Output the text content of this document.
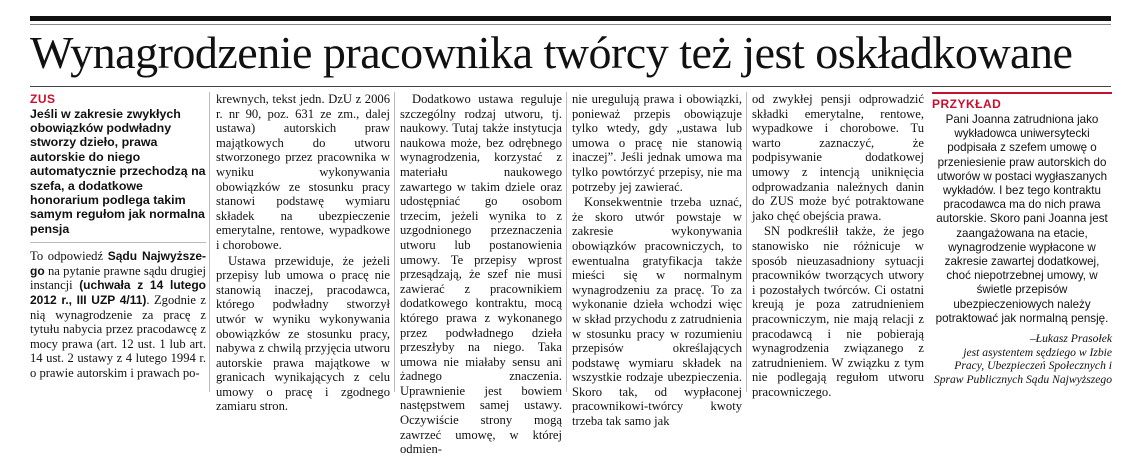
Wynagrodzenie pracownika twórcy też jest oskładkowane
ZUS
Jeśli w zakresie zwykłych obowiązków podwładny stworzy dzieło, prawa autorskie do niego automatycznie przechodzą na szefa, a dodatkowe honorarium podlega takim samym regułom jak normalna pensja

To odpowiedź Sądu Najwyższe-go na pytanie prawne sądu drugiej instancji (uchwała z 14 lutego 2012 r., III UZP 4/11). Zgodnie z nią wynagrodzenie za pracę z tytułu nabycia przez pracodawcę z mocy prawa (art. 12 ust. 1 lub art. 14 ust. 2 ustawy z 4 lutego 1994 r. o prawie autorskim i prawach po-

krewnych, tekst jedn. DzU z 2006 r. nr 90, poz. 631 ze zm., dalej ustawa) autorskich praw majątkowych do utworu stworzonego przez pracownika w wyniku wykonywania obowiązków ze stosunku pracy stanowi podstawę wymiaru składek na ubezpieczenie emerytalne, rentowe, wypadkowe i chorobowe.

Ustawa przewiduje, że jeżeli przepisy lub umowa o pracę nie stanowią inaczej, pracodawca, którego podwładny stworzył utwór w wyniku wykonywania obowiązków ze stosunku pracy, nabywa z chwilą przyjęcia utworu autorskie prawa majątkowe w granicach wynikających z celu umowy o pracę i zgodnego zamiaru stron.

Dodatkowo ustawa reguluje szczególny rodzaj utworu, tj. naukowy. Tutaj także instytucja naukowa może, bez odrębnego wynagrodzenia, korzystać z materiału naukowego zawartego w takim dziele oraz udostępniać go osobom trzecim, jeżeli wynika to z uzgodnionego przeznaczenia utworu lub postanowienia umowy. Te przepisy wprost przesądzają, że szef nie musi zawierać z pracownikiem dodatkowego kontraktu, mocą którego prawa z wykonanego przez podwładnego dzieła przeszłyby na niego. Taka umowa nie miałaby sensu ani żadnego znaczenia. Uprawnienie jest bowiem następstwem samej ustawy. Oczywiście strony mogą zawrzeć umowę, w której odmien-

nie uregulują prawa i obowiązki, ponieważ przepis obowiązuje tylko wtedy, gdy „ustawa lub umowa o pracę nie stanowią inaczej”. Jeśli jednak umowa ma tylko powtórzyć przepisy, nie ma potrzeby jej zawierać.

Konsekwentnie trzeba uznać, że skoro utwór powstaje w zakresie wykonywania obowiązków pracowniczych, to ewentualna gratyfikacja także mieści się w normalnym wynagrodzeniu za pracę. To za wykonanie dzieła wchodzi więc w skład przychodu z zatrudnienia w stosunku pracy w rozumieniu przepisów określających podstawę wymiaru składek na wszystkie rodzaje ubezpieczenia. Skoro tak, od wypłaconej pracownikowi-twórcy kwoty trzeba tak samo jak

od zwykłej pensji odprowadzić składki emerytalne, rentowe, wypadkowe i chorobowe. Tu warto zaznaczyć, że podpisywanie dodatkowej umowy z intencją uniknięcia odprowadzania należnych danin do ZUS może być potraktowane jako chęć obejścia prawa.

SN podkreślił także, że jego stanowisko nie różnicuje w sposób nieuzasadniony sytuacji pracowników tworzących utwory i pozostałych twórców. Ci ostatni kreują je poza zatrudnieniem pracowniczym, nie mają relacji z pracodawcą i nie pobierają wynagrodzenia związanego z zatrudnieniem. W związku z tym nie podlegają regułom utworu pracowniczego.

PRZYKŁAD
Pani Joanna zatrudniona jako wykładowca uniwersytecki podpisała z szefem umowę o przeniesienie praw autorskich do utworów w postaci wygłaszanych wykładów. I bez tego kontraktu pracodawca ma do nich prawa autorskie. Skoro pani Joanna jest zaangażowana na etacie, wynagrodzenie wypłacone w zakresie zawartej dodatkowej, choć niepotrzebnej umowy, w świetle przepisów ubezpieczeniowych należy potraktować jak normalną pensję.
–Łukasz Prasołek
jest asystentem sędziego w Izbie Pracy, Ubezpieczeń Społecznych i Spraw Publicznych Sądu Najwyższego
